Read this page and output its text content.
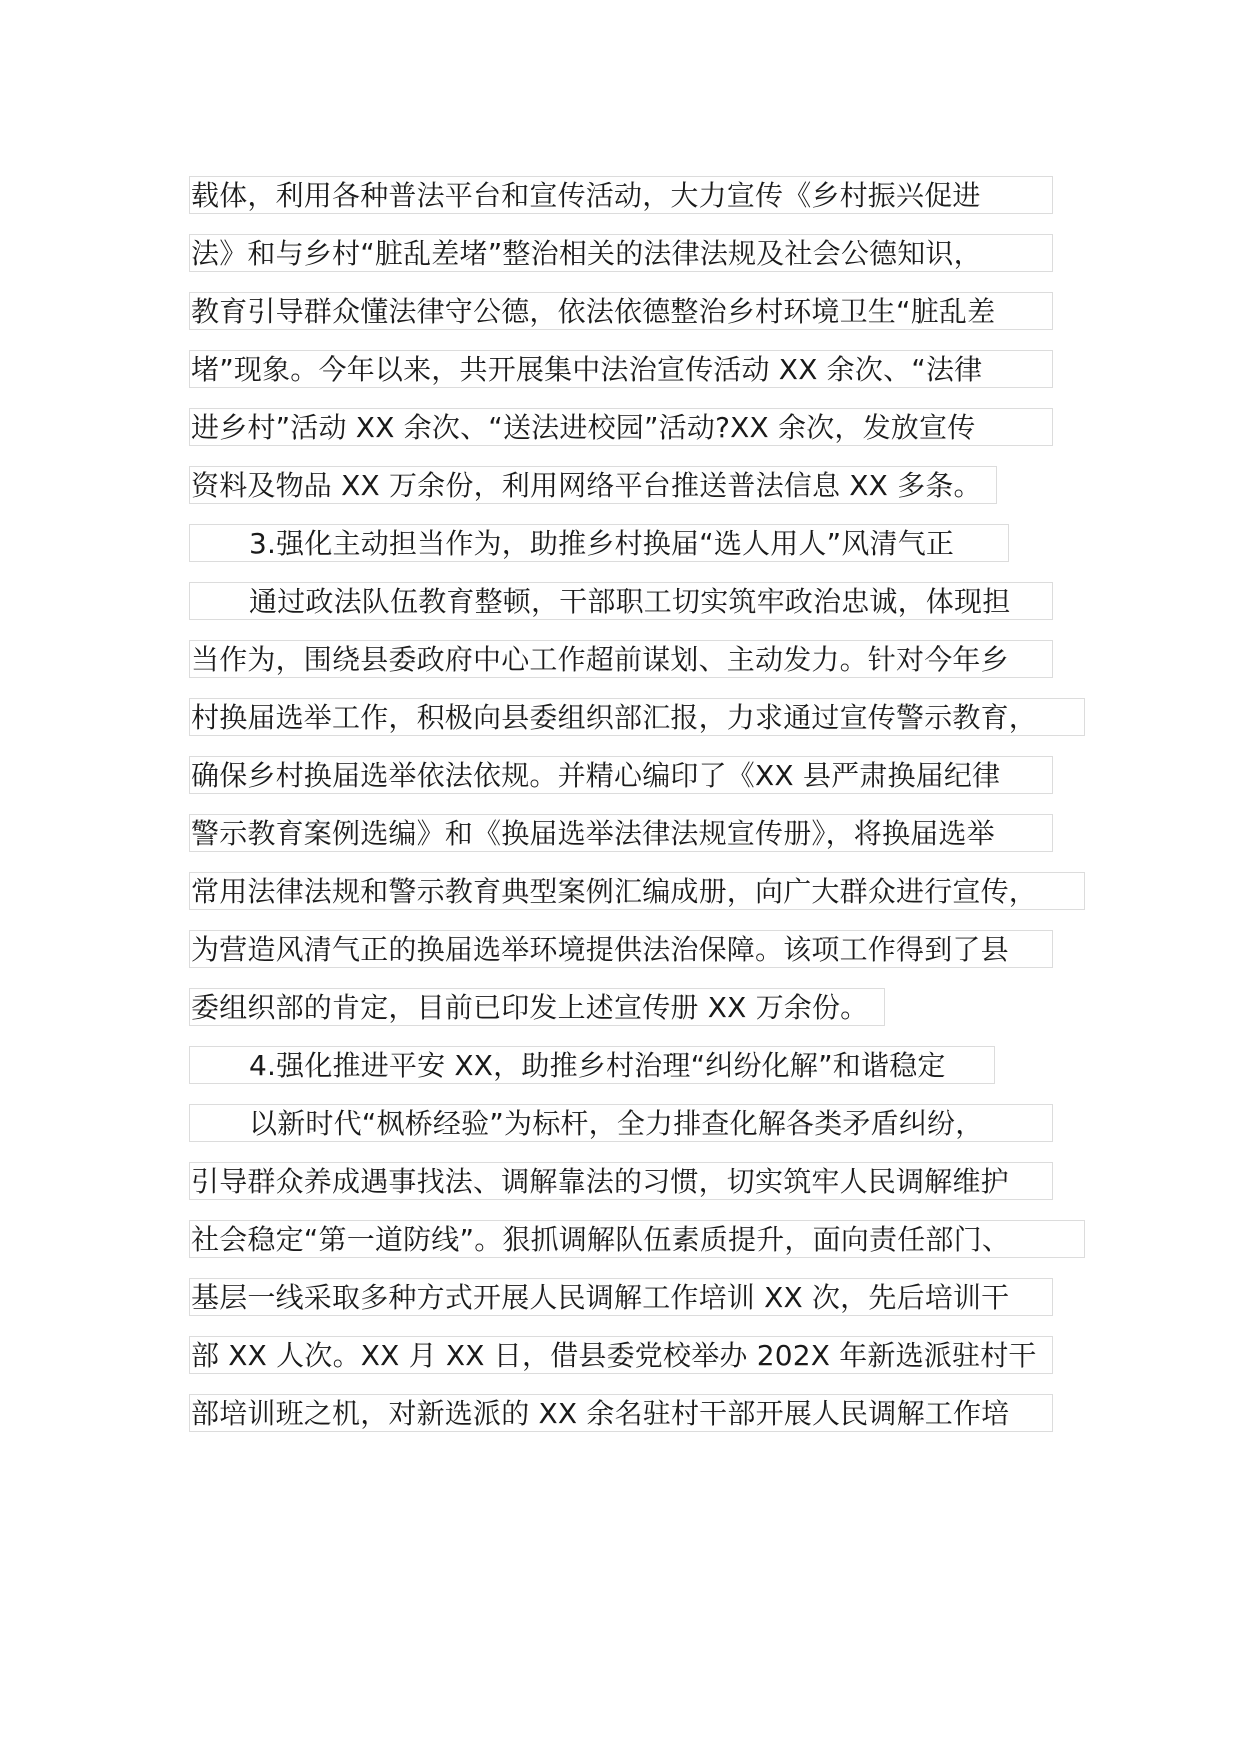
载体，利用各种普法平台和宣传活动，大力宣传《乡村振兴促进
法》和与乡村“脏乱差堵”整治相关的法律法规及社会公德知识，
教育引导群众懂法律守公德，依法依德整治乡村环境卫生“脏乱差
堵”现象。今年以来，共开展集中法治宣传活动 XX 余次、“法律
进乡村”活动 XX 余次、“送法进校园”活动?XX 余次，发放宣传
资料及物品 XX 万余份，利用网络平台推送普法信息 XX 多条。
3.强化主动担当作为，助推乡村换届“选人用人”风清气正
通过政法队伍教育整顿，干部职工切实筑牢政治忠诚，体现担
当作为，围绕县委政府中心工作超前谋划、主动发力。针对今年乡
村换届选举工作，积极向县委组织部汇报，力求通过宣传警示教育，
确保乡村换届选举依法依规。并精心编印了《XX 县严肃换届纪律
警示教育案例选编》和《换届选举法律法规宣传册》，将换届选举
常用法律法规和警示教育典型案例汇编成册，向广大群众进行宣传，
为营造风清气正的换届选举环境提供法治保障。该项工作得到了县
委组织部的肯定，目前已印发上述宣传册 XX 万余份。
4.强化推进平安 XX，助推乡村治理“纠纷化解”和谐稳定
以新时代“枫桥经验”为标杆，全力排查化解各类矛盾纠纷，
引导群众养成遇事找法、调解靠法的习惯，切实筑牢人民调解维护
社会稳定“第一道防线”。狠抓调解队伍素质提升，面向责任部门、
基层一线采取多种方式开展人民调解工作培训 XX 次，先后培训干
部 XX 人次。XX 月 XX 日，借县委党校举办 202X 年新选派驻村干
部培训班之机，对新选派的 XX 余名驻村干部开展人民调解工作培
